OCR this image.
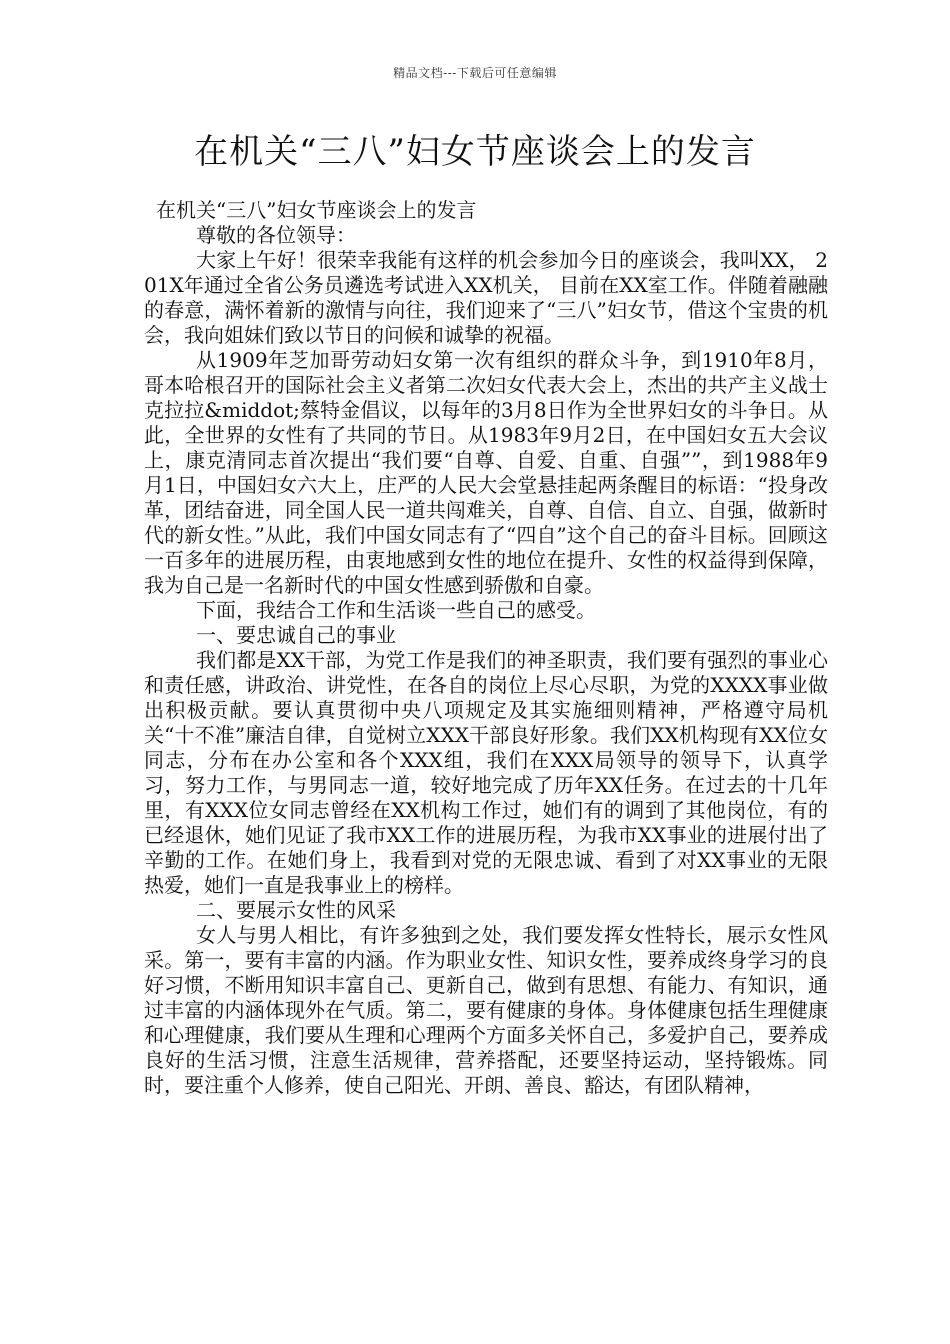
精品文档---下载后可任意编辑
在机关“三八”妇女节座谈会上的发言

在机关“三八”妇女节座谈会上的发言

尊敬的各位领导：

大家上午好！很荣幸我能有这样的机会参加今日的座谈会，我叫XX， 201X年通过全省公务员遴选考试进入XX机关， 目前在XX室工作。伴随着融融的春意，满怀着新的激情与向往，我们迎来了“三八”妇女节，借这个宝贵的机会，我向姐妹们致以节日的问候和诚挚的祝福。

从1909年芝加哥劳动妇女第一次有组织的群众斗争，到1910年8月，哥本哈根召开的国际社会主义者第二次妇女代表大会上，杰出的共产主义战士克拉拉&middot;蔡特金倡议，以每年的3月8日作为全世界妇女的斗争日。从此，全世界的女性有了共同的节日。从1983年9月2日，在中国妇女五大会议上，康克清同志首次提出“我们要“自尊、自爱、自重、自强””，到1988年9月1日，中国妇女六大上，庄严的人民大会堂悬挂起两条醒目的标语：“投身改革，团结奋进，同全国人民一道共闯难关，自尊、自信、自立、自强，做新时代的新女性。”从此，我们中国女同志有了“四自”这个自己的奋斗目标。回顾这一百多年的进展历程，由衷地感到女性的地位在提升、女性的权益得到保障，我为自己是一名新时代的中国女性感到骄傲和自豪。

下面，我结合工作和生活谈一些自己的感受。

一、要忠诚自己的事业

我们都是XX干部，为党工作是我们的神圣职责，我们要有强烈的事业心和责任感，讲政治、讲党性，在各自的岗位上尽心尽职，为党的XXXX事业做出积极贡献。要认真贯彻中央八项规定及其实施细则精神，严格遵守局机关“十不准”廉洁自律，自觉树立XXX干部良好形象。我们XX机构现有XX位女同志，分布在办公室和各个XXX组，我们在XXX局领导的领导下，认真学习，努力工作，与男同志一道，较好地完成了历年XX任务。在过去的十几年里，有XXX位女同志曾经在XX机构工作过，她们有的调到了其他岗位，有的已经退休，她们见证了我市XX工作的进展历程，为我市XX事业的进展付出了辛勤的工作。在她们身上，我看到对党的无限忠诚、看到了对XX事业的无限热爱，她们一直是我事业上的榜样。

二、要展示女性的风采

女人与男人相比，有许多独到之处，我们要发挥女性特长，展示女性风采。第一，要有丰富的内涵。作为职业女性、知识女性，要养成终身学习的良好习惯，不断用知识丰富自己、更新自己，做到有思想、有能力、有知识，通过丰富的内涵体现外在气质。第二，要有健康的身体。身体健康包括生理健康和心理健康，我们要从生理和心理两个方面多关怀自己，多爱护自己，要养成良好的生活习惯，注意生活规律，营养搭配，还要坚持运动，坚持锻炼。同时，要注重个人修养，使自己阳光、开朗、善良、豁达，有团队精神，
